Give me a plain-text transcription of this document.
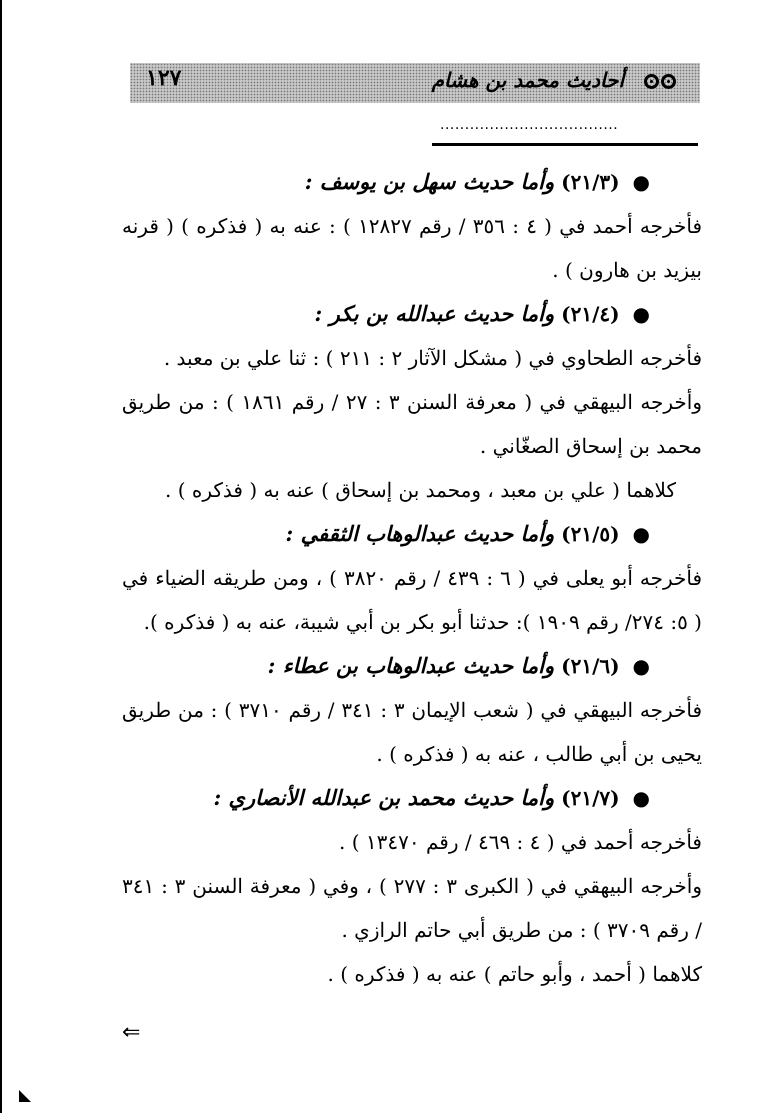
١٢٧	أحاديث محمد بن هشام
....................................

● (٢١/٣) وأما حديث سهل بن يوسف :

فأخرجه أحمد في ( ٤ : ٣٥٦ / رقم ١٢٨٢٧ ) : عنه به ( فذكره ) ( قرنه بيزيد بن هارون ) .

● (٢١/٤) وأما حديث عبدالله بن بكر :

فأخرجه الطحاوي في ( مشكل الآثار ٢ : ٢١١ ) : ثنا علي بن معبد .

وأخرجه البيهقي في ( معرفة السنن ٣ : ٢٧ / رقم ١٨٦١ ) : من طريق محمد بن إسحاق الصغّاني .

كلاهما ( علي بن معبد ، ومحمد بن إسحاق ) عنه به ( فذكره ) .

● (٢١/٥) وأما حديث عبدالوهاب الثقفي :

فأخرجه أبو يعلى في ( ٦ : ٤٣٩ / رقم ٣٨٢٠ ) ، ومن طريقه الضياء في ( ٥: ٢٧٤/ رقم ١٩٠٩ ): حدثنا أبو بكر بن أبي شيبة، عنه به ( فذكره ).

● (٢١/٦) وأما حديث عبدالوهاب بن عطاء :

فأخرجه البيهقي في ( شعب الإيمان ٣ : ٣٤١ / رقم ٣٧١٠ ) : من طريق يحيى بن أبي طالب ، عنه به ( فذكره ) .

● (٢١/٧) وأما حديث محمد بن عبدالله الأنصاري :

فأخرجه أحمد في ( ٤ : ٤٦٩ / رقم ١٣٤٧٠ ) .

وأخرجه البيهقي في ( الكبرى ٣ : ٢٧٧ ) ، وفي ( معرفة السنن ٣ : ٣٤١ / رقم ٣٧٠٩ ) : من طريق أبي حاتم الرازي .

كلاهما ( أحمد ، وأبو حاتم ) عنه به ( فذكره ) .

⇐
